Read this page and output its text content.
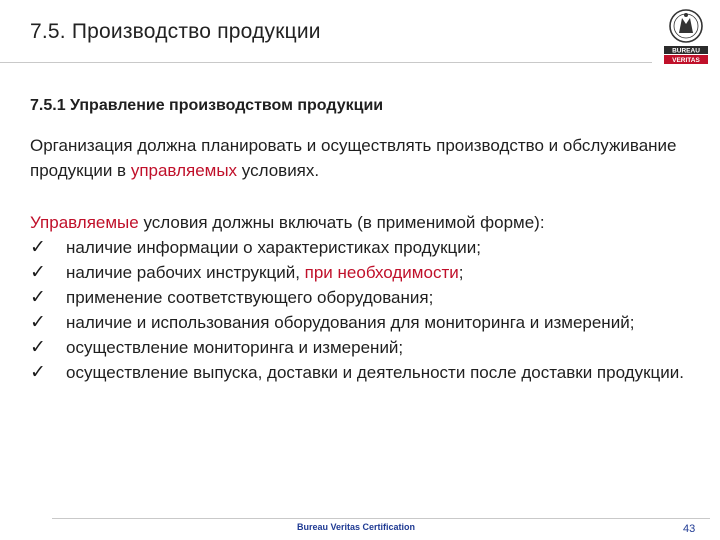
7.5. Производство продукции
BUREAU
VERITAS
7.5.1 Управление производством продукции
Организация должна планировать и осуществлять производство и обслуживание продукции в управляемых условиях.
Управляемые условия должны включать (в применимой форме):
✓	наличие информации о характеристиках продукции;
✓	наличие рабочих инструкций, при необходимости;
✓	применение соответствующего оборудования;
✓	наличие и использования оборудования для мониторинга и измерений;
✓	осуществление мониторинга и измерений;
✓	осуществление выпуска, доставки и деятельности после доставки продукции.
Bureau Veritas Certification	43
